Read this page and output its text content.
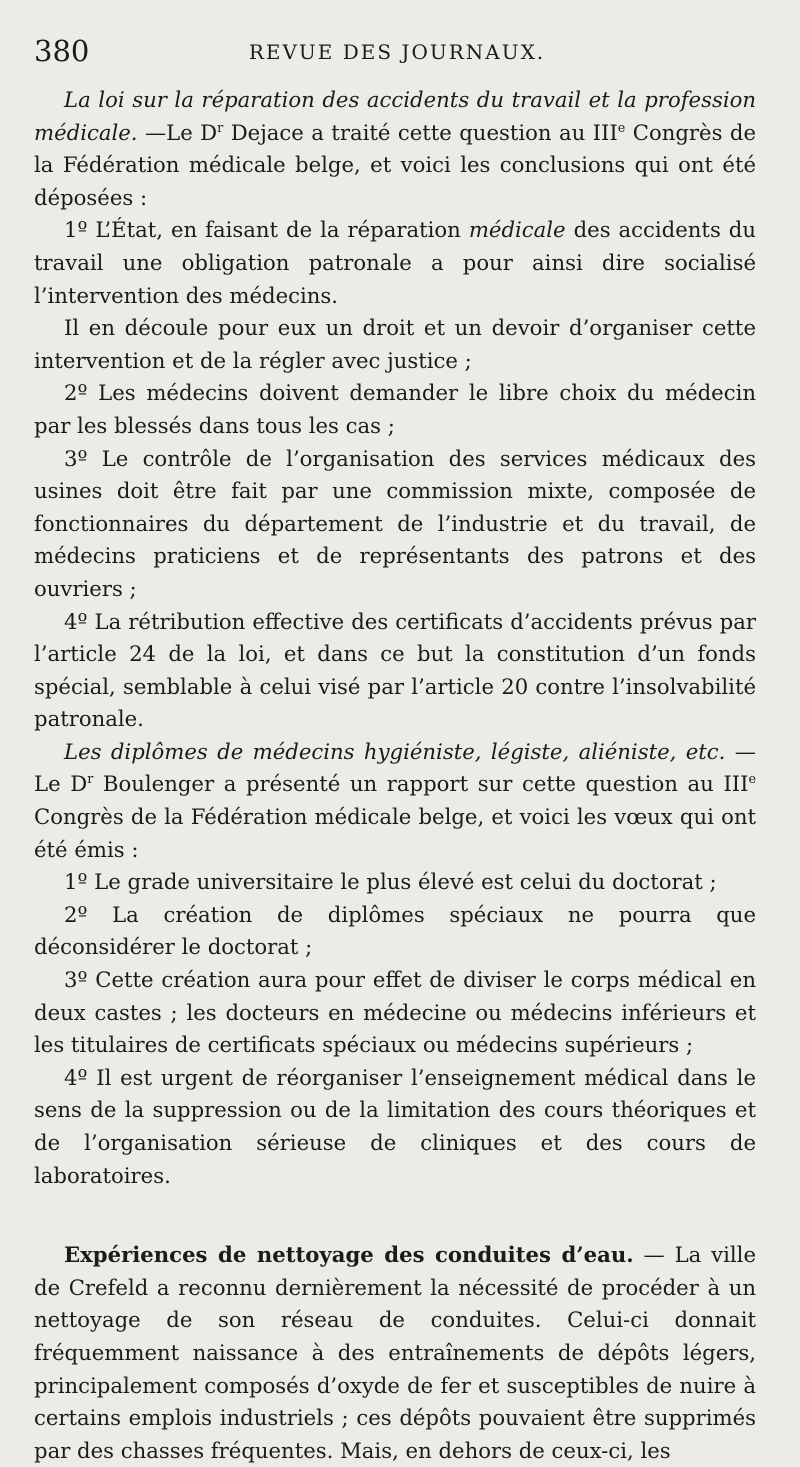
380	REVUE DES JOURNAUX.

La loi sur la réparation des accidents du travail et la profession médicale. —Le $D^r$ Dejace a traité cette question au IIIe Congrès de la Fédération médicale belge, et voici les conclusions qui ont été déposées :

1º L’État, en faisant de la réparation médicale des accidents du travail une obligation patronale a pour ainsi dire socialisé l’intervention des médecins.

Il en découle pour eux un droit et un devoir d’organiser cette intervention et de la régler avec justice ;

2º Les médecins doivent demander le libre choix du médecin par les blessés dans tous les cas ;

3º Le contrôle de l’organisation des services médicaux des usines doit être fait par une commission mixte, composée de fonctionnaires du département de l’industrie et du travail, de médecins praticiens et de représentants des patrons et des ouvriers ;

4º La rétribution effective des certificats d’accidents prévus par l’article 24 de la loi, et dans ce but la constitution d’un fonds spécial, semblable à celui visé par l’article 20 contre l’insolvabilité patronale.

Les diplômes de médecins hygiéniste, légiste, aliéniste, etc. — Le $D^r$ Boulenger a présenté un rapport sur cette question au IIIe Congrès de la Fédération médicale belge, et voici les vœux qui ont été émis :

1º Le grade universitaire le plus élevé est celui du doctorat ;

2º La création de diplômes spéciaux ne pourra que déconsidérer le doctorat ;

3º Cette création aura pour effet de diviser le corps médical en deux castes ; les docteurs en médecine ou médecins inférieurs et les titulaires de certificats spéciaux ou médecins supérieurs ;

4º Il est urgent de réorganiser l’enseignement médical dans le sens de la suppression ou de la limitation des cours théoriques et de l’organisation sérieuse de cliniques et des cours de laboratoires.

Expériences de nettoyage des conduites d’eau. — La ville de Crefeld a reconnu dernièrement la nécessité de procéder à un nettoyage de son réseau de conduites. Celui-ci donnait fréquemment naissance à des entraînements de dépôts légers, principalement composés d’oxyde de fer et susceptibles de nuire à certains emplois industriels ; ces dépôts pouvaient être supprimés par des chasses fréquentes. Mais, en dehors de ceux-ci, les
